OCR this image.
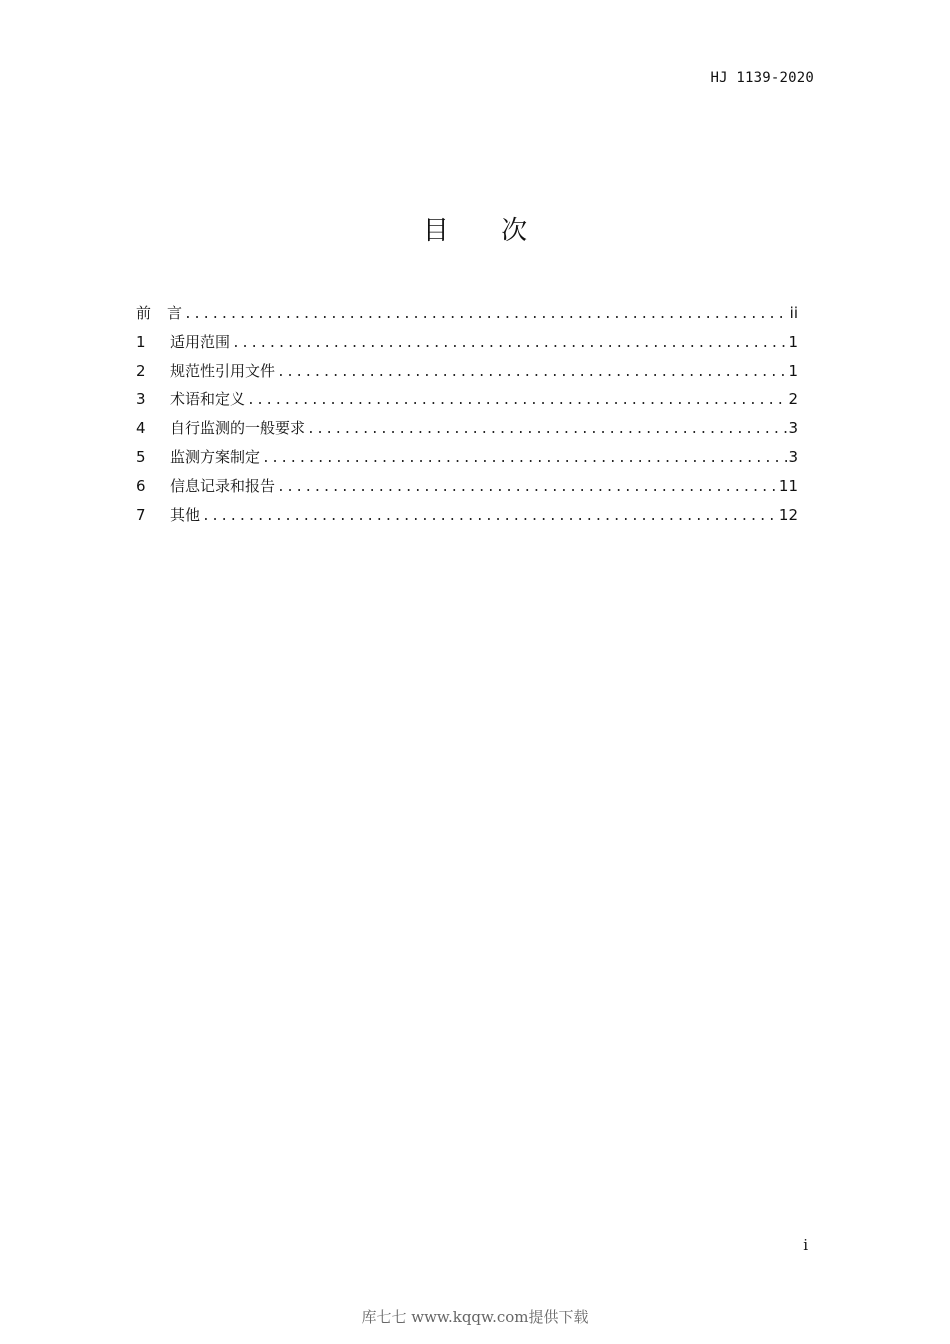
HJ 1139-2020
目 次
前言 .....	ii
1	适用范围 .....	1
2	规范性引用文件 .....	1
3	术语和定义 .....	2
4	自行监测的一般要求 .....	3
5	监测方案制定 .....	3
6	信息记录和报告 .....	11
7	其他 .....	12
i
库七七 www.kqqw.com提供下载
